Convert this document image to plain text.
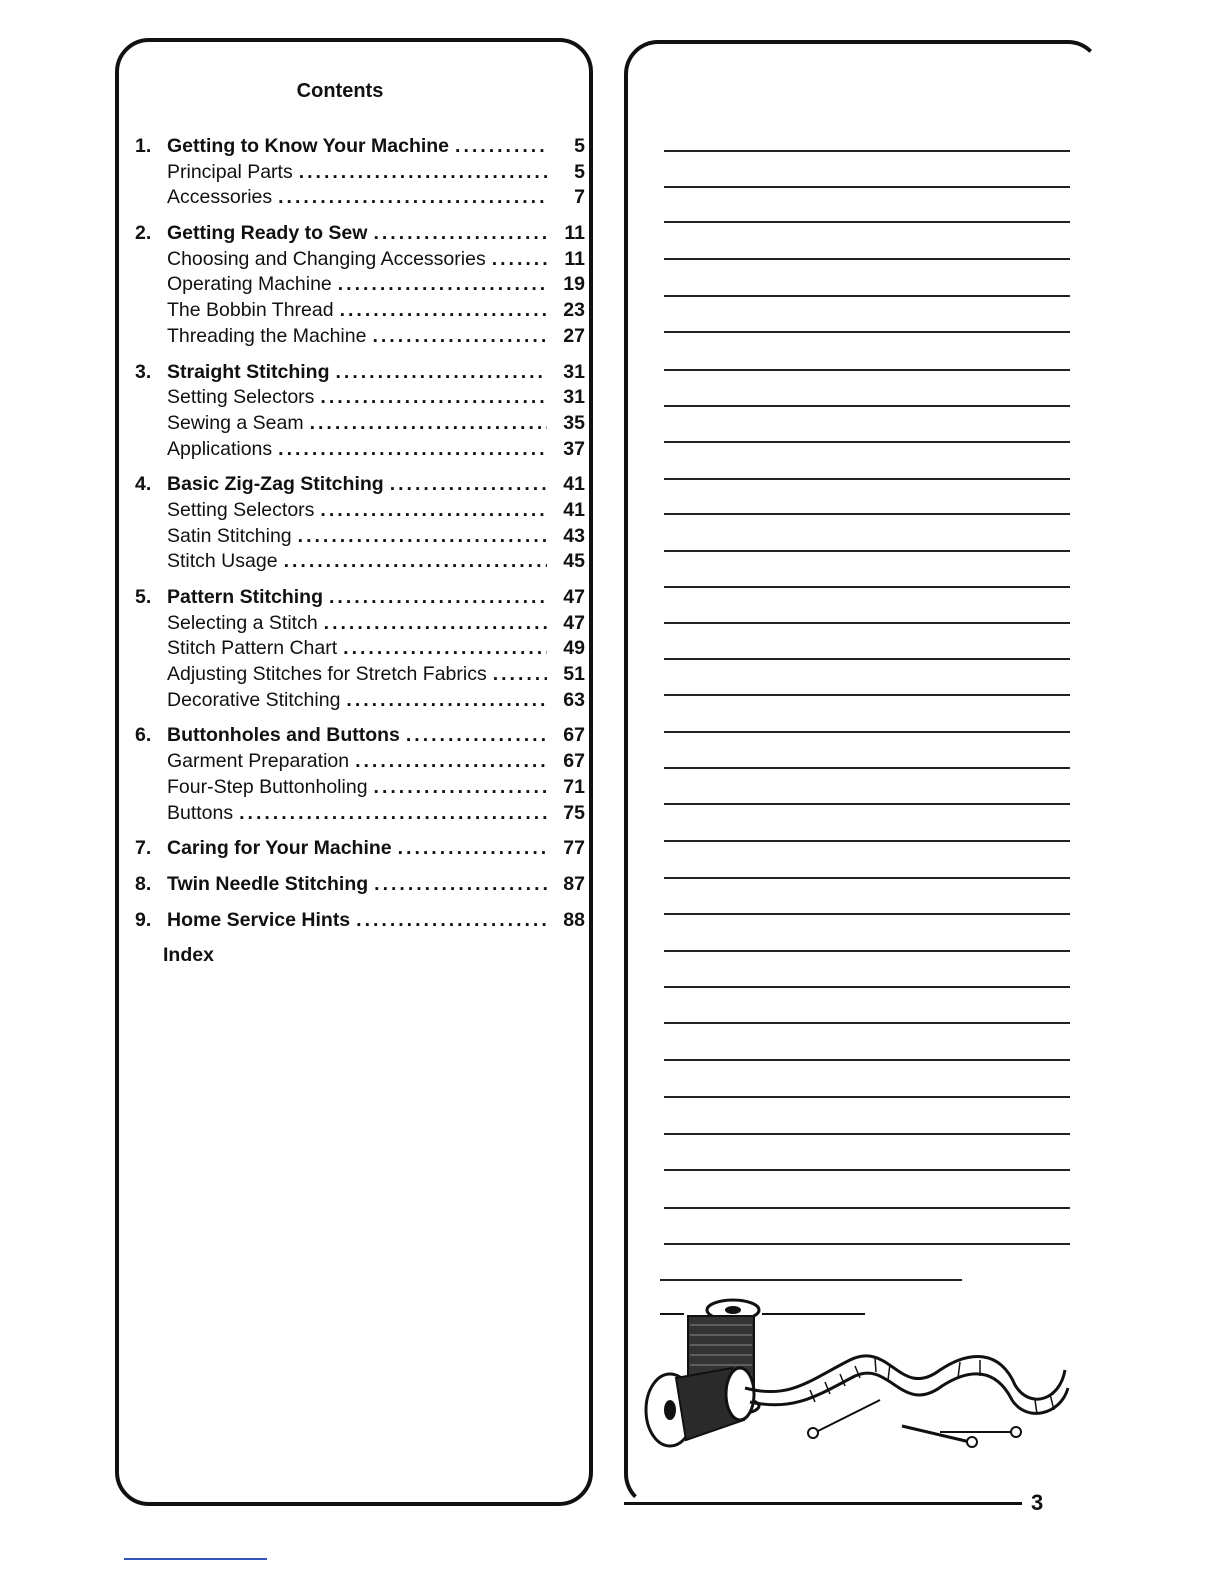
Contents
1. Getting to Know Your Machine .....	5
Principal Parts .....	5
Accessories .....	7
2. Getting Ready to Sew .....	11
Choosing and Changing Accessories .....	11
Operating Machine .....	19
The Bobbin Thread .....	23
Threading the Machine .....	27
3. Straight Stitching .....	31
Setting Selectors .....	31
Sewing a Seam .....	35
Applications .....	37
4. Basic Zig-Zag Stitching .....	41
Setting Selectors .....	41
Satin Stitching .....	43
Stitch Usage .....	45
5. Pattern Stitching .....	47
Selecting a Stitch .....	47
Stitch Pattern Chart .....	49
Adjusting Stitches for Stretch Fabrics .....	51
Decorative Stitching .....	63
6. Buttonholes and Buttons .....	67
Garment Preparation .....	67
Four-Step Buttonholing .....	71
Buttons .....	75
7. Caring for Your Machine .....	77
8. Twin Needle Stitching .....	87
9. Home Service Hints .....	88
Index
3
